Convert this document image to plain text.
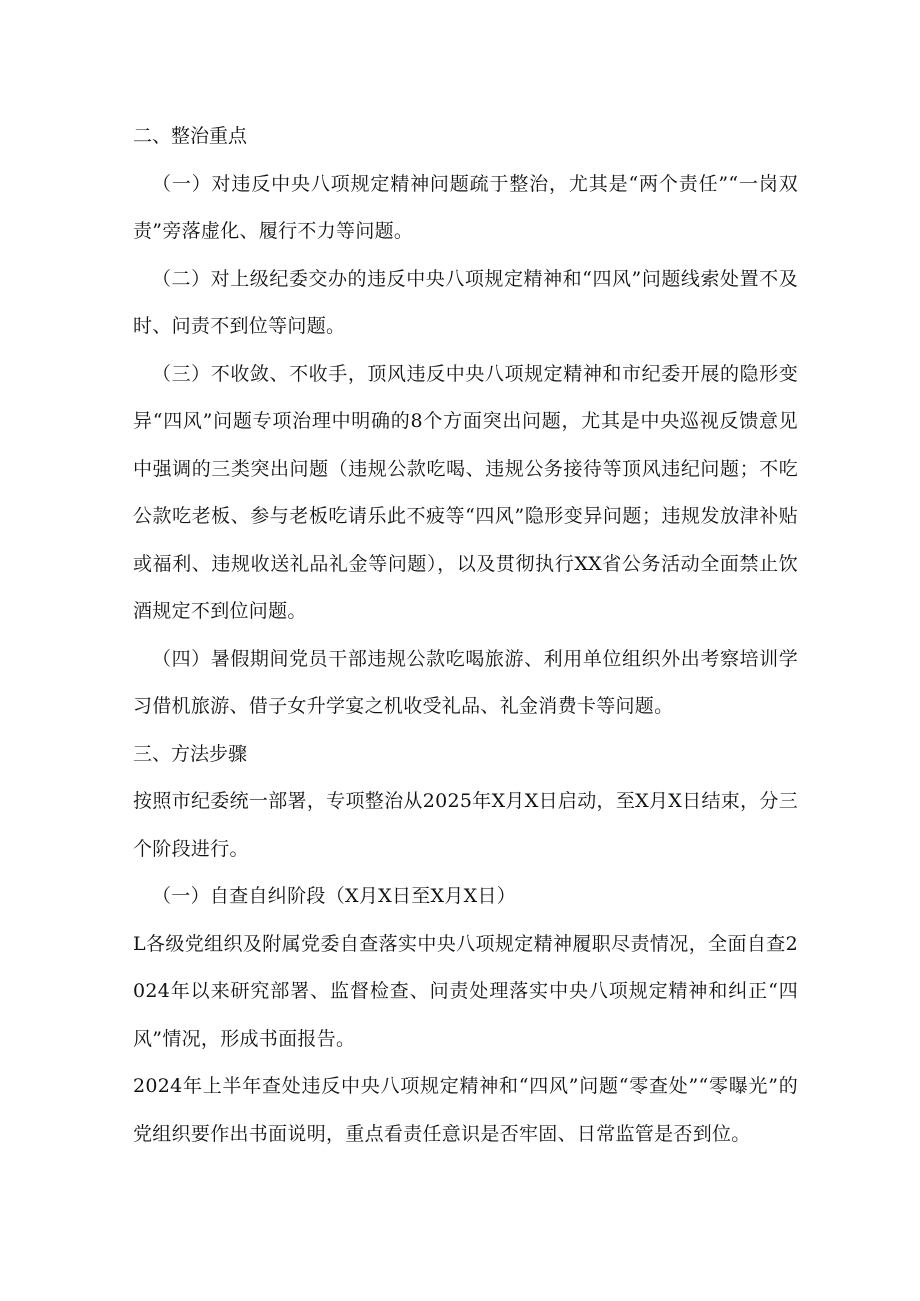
二、整治重点

（一）对违反中央八项规定精神问题疏于整治，尤其是“两个责任”“一岗双责”旁落虚化、履行不力等问题。

（二）对上级纪委交办的违反中央八项规定精神和“四风”问题线索处置不及时、问责不到位等问题。

（三）不收敛、不收手，顶风违反中央八项规定精神和市纪委开展的隐形变异“四风”问题专项治理中明确的8个方面突出问题，尤其是中央巡视反馈意见中强调的三类突出问题（违规公款吃喝、违规公务接待等顶风违纪问题；不吃公款吃老板、参与老板吃请乐此不疲等“四风”隐形变异问题；违规发放津补贴或福利、违规收送礼品礼金等问题），以及贯彻执行XX省公务活动全面禁止饮酒规定不到位问题。

（四）暑假期间党员干部违规公款吃喝旅游、利用单位组织外出考察培训学习借机旅游、借子女升学宴之机收受礼品、礼金消费卡等问题。

三、方法步骤

按照市纪委统一部署，专项整治从2025年X月X日启动，至X月X日结束，分三个阶段进行。

（一）自查自纠阶段（X月X日至X月X日）

L各级党组织及附属党委自查落实中央八项规定精神履职尽责情况，全面自查2024年以来研究部署、监督检查、问责处理落实中央八项规定精神和纠正“四风”情况，形成书面报告。

2024年上半年查处违反中央八项规定精神和“四风”问题“零查处”“零曝光”的党组织要作出书面说明，重点看责任意识是否牢固、日常监管是否到位。
